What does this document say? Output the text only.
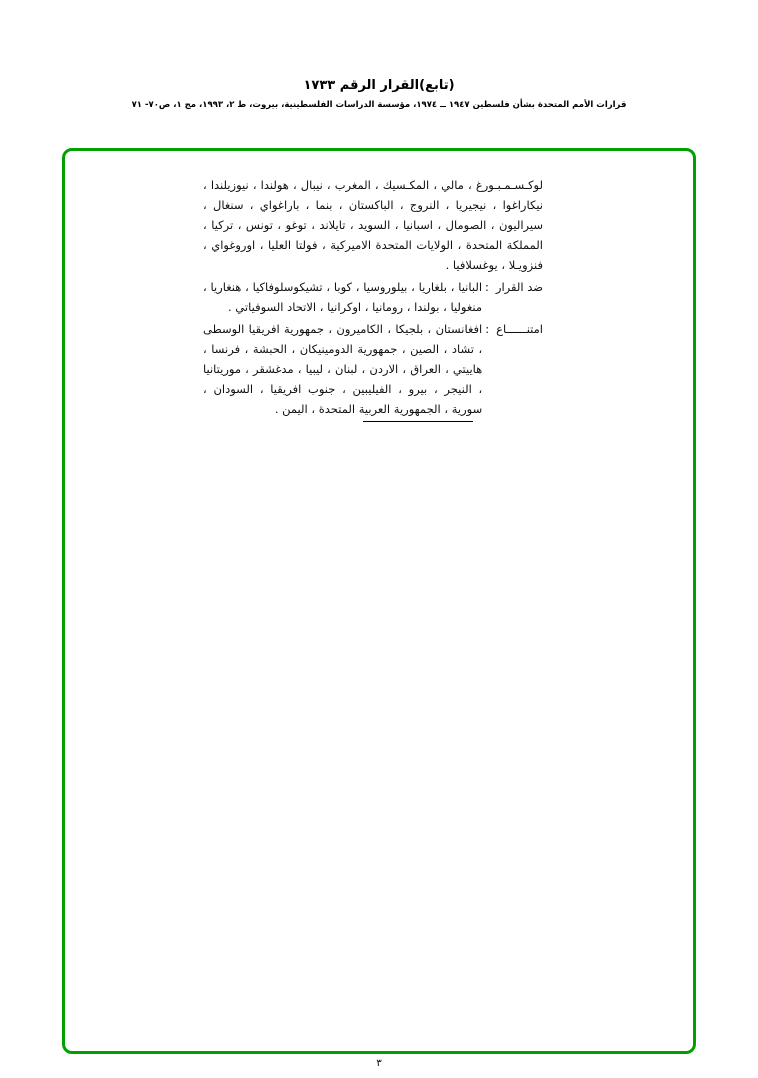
(تابع)القرار الرقم ١٧٣٣
قرارات الأمم المتحدة بشأن فلسطين ١٩٤٧ ــ ١٩٧٤، مؤسسة الدراسات الفلسطينية، بيروت، ط ٢، ١٩٩٣، مج ١، ص٧٠- ٧١

لوكـسـمـبـورغ ، مالي ، المكـسيك ، المغرب ، نيبال ، هولندا ، نيوزيلندا ، نيكاراغوا ، نيجيريا ، النروج ، الباكستان ، بنما ، باراغواي ، سنغال ، سيراليون ، الصومال ، اسبانيا ، السويد ، تايلاند ، توغو ، تونس ، تركيا ، المملكة المتحدة ، الولايات المتحدة الاميركية ، فولتا العليا ، اوروغواي ، فنزويـلا ، يوغسلافيا .

ضد القرار
:
البانيا ، بلغاريا ، بيلوروسيا ، كوبا ، تشيكوسلوفاكيا ، هنغاريا ، منغوليا ، بولندا ، رومانيا ، اوكرانيا ، الاتحاد السوفياتي .
امتنــــــاع
:
افغانستان ، بلجيكا ، الكاميرون ، جمهورية افريقيا الوسطى ، تشاد ، الصين ، جمهورية الدومينيكان ، الحبشة ، فرنسا ، هاييتي ، العراق ، الاردن ، لبنان ، ليبيا ، مدغشقر ، موريتانيا ، النيجر ، بيرو ، الفيليبين ، جنوب افريقيا ، السودان ، سورية ، الجمهورية العربية المتحدة ، اليمن .
٣
